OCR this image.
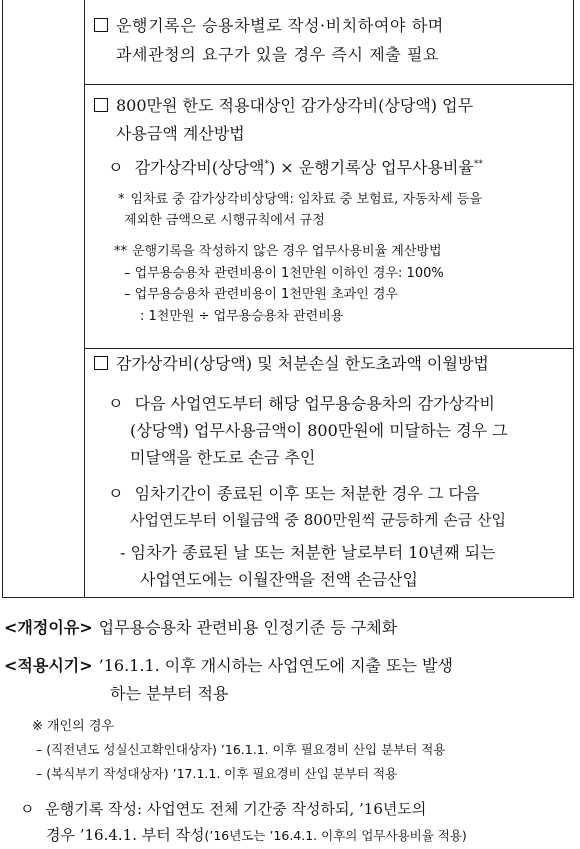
운행기록은 승용차별로 작성·비치하여야 하며
과세관청의 요구가 있을 경우 즉시 제출 필요
800만원 한도 적용대상인 감가상각비(상당액) 업무
사용금액 계산방법
ㅇ 감가상각비(상당액*) × 운행기록상 업무사용비율**
* 임차료 중 감가상각비상당액: 임차료 중 보험료, 자동차세 등을
제외한 금액으로 시행규칙에서 규정
** 운행기록을 작성하지 않은 경우 업무사용비율 계산방법
– 업무용승용차 관련비용이 1천만원 이하인 경우: 100%
– 업무용승용차 관련비용이 1천만원 초과인 경우
: 1천만원 ÷ 업무용승용차 관련비용
감가상각비(상당액) 및 처분손실 한도초과액 이월방법
ㅇ 다음 사업연도부터 해당 업무용승용차의 감가상각비
(상당액) 업무사용금액이 800만원에 미달하는 경우 그
미달액을 한도로 손금 추인
ㅇ 임차기간이 종료된 이후 또는 처분한 경우 그 다음
사업연도부터 이월금액 중 800만원씩 균등하게 손금 산입
- 임차가 종료된 날 또는 처분한 날로부터 10년째 되는
사업연도에는 이월잔액을 전액 손금산입
<개정이유> 업무용승용차 관련비용 인정기준 등 구체화
<적용시기> ’16.1.1. 이후 개시하는 사업연도에 지출 또는 발생
하는 분부터 적용
※ 개인의 경우
– (직전년도 성실신고확인대상자) ’16.1.1. 이후 필요경비 산입 분부터 적용
– (복식부기 작성대상자) ’17.1.1. 이후 필요경비 산입 분부터 적용
ㅇ 운행기록 작성: 사업연도 전체 기간중 작성하되, ’16년도의
경우 ’16.4.1. 부터 작성(’16년도는 ’16.4.1. 이후의 업무사용비율 적용)
